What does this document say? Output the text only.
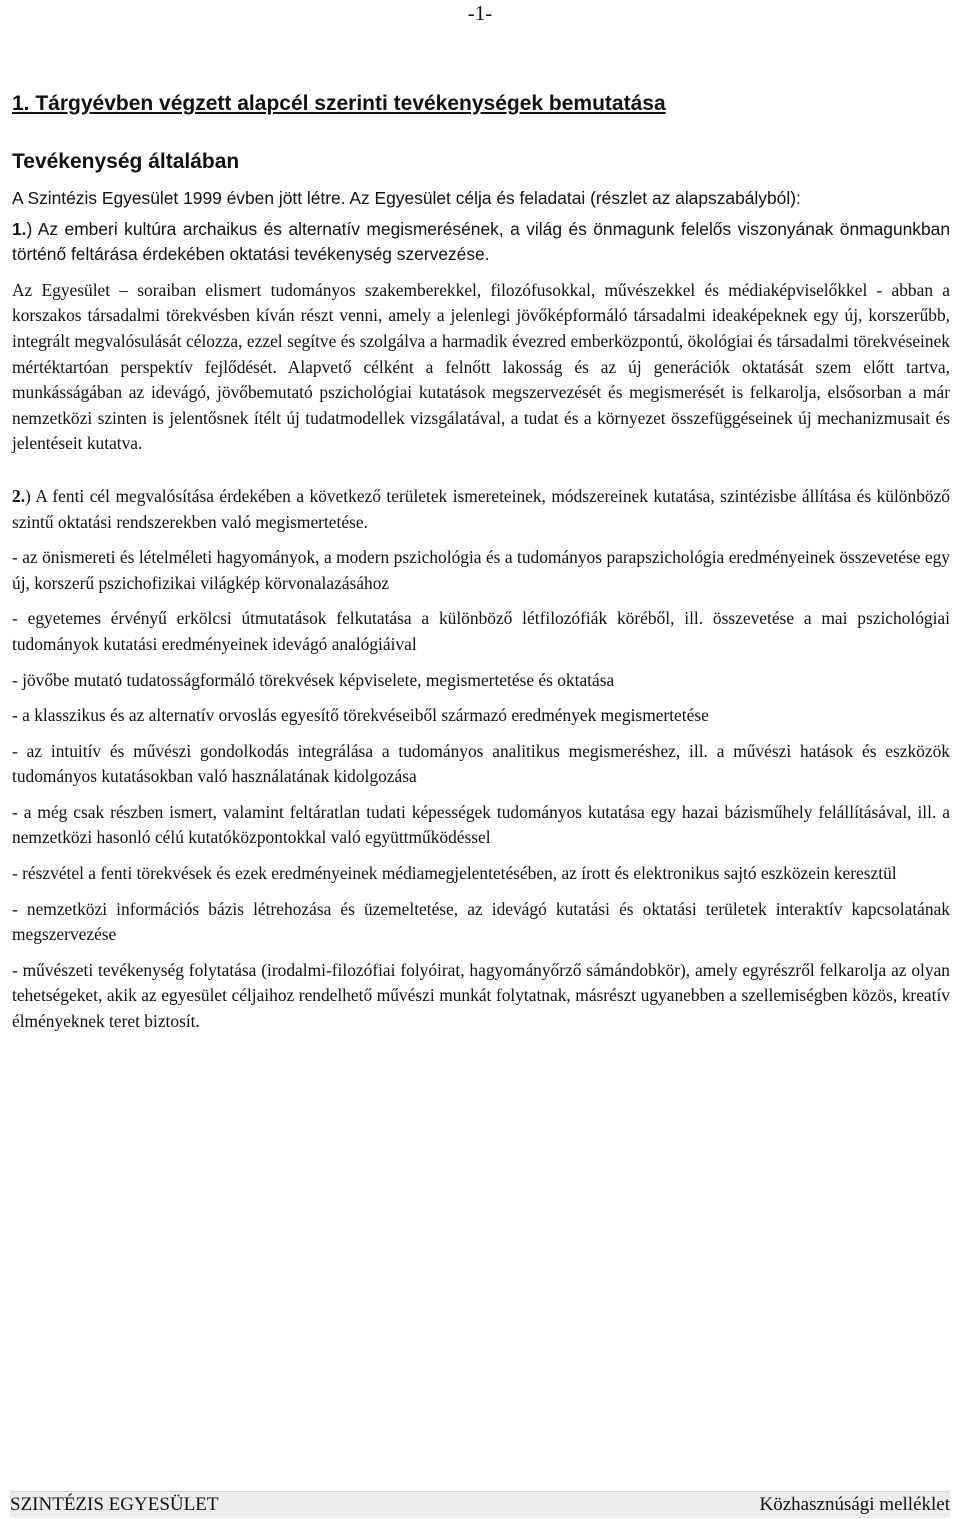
-1-
1. Tárgyévben végzett alapcél szerinti tevékenységek bemutatása
Tevékenység általában

A Szintézis Egyesület 1999 évben jött létre. Az Egyesület célja és feladatai (részlet az alapszabályból):

1.) Az emberi kultúra archaikus és alternatív megismerésének, a világ és önmagunk felelős viszonyának önmagunkban történő feltárása érdekében oktatási tevékenység szervezése.

Az Egyesület – soraiban elismert tudományos szakemberekkel, filozófusokkal, művészekkel és médiaképviselőkkel - abban a korszakos társadalmi törekvésben kíván részt venni, amely a jelenlegi jövőképformáló társadalmi ideaképeknek egy új, korszerűbb, integrált megvalósulását célozza, ezzel segítve és szolgálva a harmadik évezred emberközpontú, ökológiai és társadalmi törekvéseinek mértéktartóan perspektív fejlődését. Alapvető célként a felnőtt lakosság és az új generációk oktatását szem előtt tartva, munkásságában az idevágó, jövőbemutató pszichológiai kutatások megszervezését és megismerését is felkarolja, elsősorban a már nemzetközi szinten is jelentősnek ítélt új tudatmodellek vizsgálatával, a tudat és a környezet összefüggéseinek új mechanizmusait és jelentéseit kutatva.

2.) A fenti cél megvalósítása érdekében a következő területek ismereteinek, módszereinek kutatása, szintézisbe állítása és különböző szintű oktatási rendszerekben való megismertetése.

- az önismereti és lételméleti hagyományok, a modern pszichológia és a tudományos parapszichológia eredményeinek összevetése egy új, korszerű pszichofizikai világkép körvonalazásához

- egyetemes érvényű erkölcsi útmutatások felkutatása a különböző létfilozófiák köréből, ill. összevetése a mai pszichológiai tudományok kutatási eredményeinek idevágó analógiáival

- jövőbe mutató tudatosságformáló törekvések képviselete, megismertetése és oktatása

- a klasszikus és az alternatív orvoslás egyesítő törekvéseiből származó eredmények megismertetése

- az intuitív és művészi gondolkodás integrálása a tudományos analitikus megismeréshez, ill. a művészi hatások és eszközök tudományos kutatásokban való használatának kidolgozása

- a még csak részben ismert, valamint feltáratlan tudati képességek tudományos kutatása egy hazai bázisműhely felállításával, ill. a nemzetközi hasonló célú kutatóközpontokkal való együttműködéssel

- részvétel a fenti törekvések és ezek eredményeinek médiamegjelentetésében, az írott és elektronikus sajtó eszközein keresztül

- nemzetközi információs bázis létrehozása és üzemeltetése, az idevágó kutatási és oktatási területek interaktív kapcsolatának megszervezése

- művészeti tevékenység folytatása (irodalmi-filozófiai folyóirat, hagyományőrző sámándobkör), amely egyrészről felkarolja az olyan tehetségeket, akik az egyesület céljaihoz rendelhető művészi munkát folytatnak, másrészt ugyanebben a szellemiségben közös, kreatív élményeknek teret biztosít.

SZINTÉZIS EGYESÜLET	Közhasznúsági melléklet
